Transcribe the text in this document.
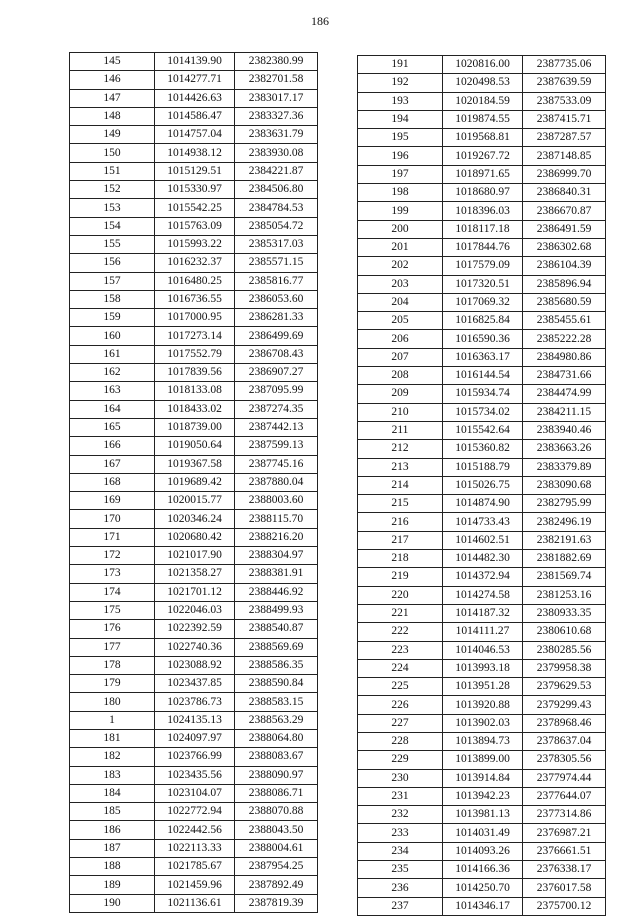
186
145	1014139.90	2382380.99
146	1014277.71	2382701.58
147	1014426.63	2383017.17
148	1014586.47	2383327.36
149	1014757.04	2383631.79
150	1014938.12	2383930.08
151	1015129.51	2384221.87
152	1015330.97	2384506.80
153	1015542.25	2384784.53
154	1015763.09	2385054.72
155	1015993.22	2385317.03
156	1016232.37	2385571.15
157	1016480.25	2385816.77
158	1016736.55	2386053.60
159	1017000.95	2386281.33
160	1017273.14	2386499.69
161	1017552.79	2386708.43
162	1017839.56	2386907.27
163	1018133.08	2387095.99
164	1018433.02	2387274.35
165	1018739.00	2387442.13
166	1019050.64	2387599.13
167	1019367.58	2387745.16
168	1019689.42	2387880.04
169	1020015.77	2388003.60
170	1020346.24	2388115.70
171	1020680.42	2388216.20
172	1021017.90	2388304.97
173	1021358.27	2388381.91
174	1021701.12	2388446.92
175	1022046.03	2388499.93
176	1022392.59	2388540.87
177	1022740.36	2388569.69
178	1023088.92	2388586.35
179	1023437.85	2388590.84
180	1023786.73	2388583.15
1	1024135.13	2388563.29
181	1024097.97	2388064.80
182	1023766.99	2388083.67
183	1023435.56	2388090.97
184	1023104.07	2388086.71
185	1022772.94	2388070.88
186	1022442.56	2388043.50
187	1022113.33	2388004.61
188	1021785.67	2387954.25
189	1021459.96	2387892.49
190	1021136.61	2387819.39
191	1020816.00	2387735.06
192	1020498.53	2387639.59
193	1020184.59	2387533.09
194	1019874.55	2387415.71
195	1019568.81	2387287.57
196	1019267.72	2387148.85
197	1018971.65	2386999.70
198	1018680.97	2386840.31
199	1018396.03	2386670.87
200	1018117.18	2386491.59
201	1017844.76	2386302.68
202	1017579.09	2386104.39
203	1017320.51	2385896.94
204	1017069.32	2385680.59
205	1016825.84	2385455.61
206	1016590.36	2385222.28
207	1016363.17	2384980.86
208	1016144.54	2384731.66
209	1015934.74	2384474.99
210	1015734.02	2384211.15
211	1015542.64	2383940.46
212	1015360.82	2383663.26
213	1015188.79	2383379.89
214	1015026.75	2383090.68
215	1014874.90	2382795.99
216	1014733.43	2382496.19
217	1014602.51	2382191.63
218	1014482.30	2381882.69
219	1014372.94	2381569.74
220	1014274.58	2381253.16
221	1014187.32	2380933.35
222	1014111.27	2380610.68
223	1014046.53	2380285.56
224	1013993.18	2379958.38
225	1013951.28	2379629.53
226	1013920.88	2379299.43
227	1013902.03	2378968.46
228	1013894.73	2378637.04
229	1013899.00	2378305.56
230	1013914.84	2377974.44
231	1013942.23	2377644.07
232	1013981.13	2377314.86
233	1014031.49	2376987.21
234	1014093.26	2376661.51
235	1014166.36	2376338.17
236	1014250.70	2376017.58
237	1014346.17	2375700.12
